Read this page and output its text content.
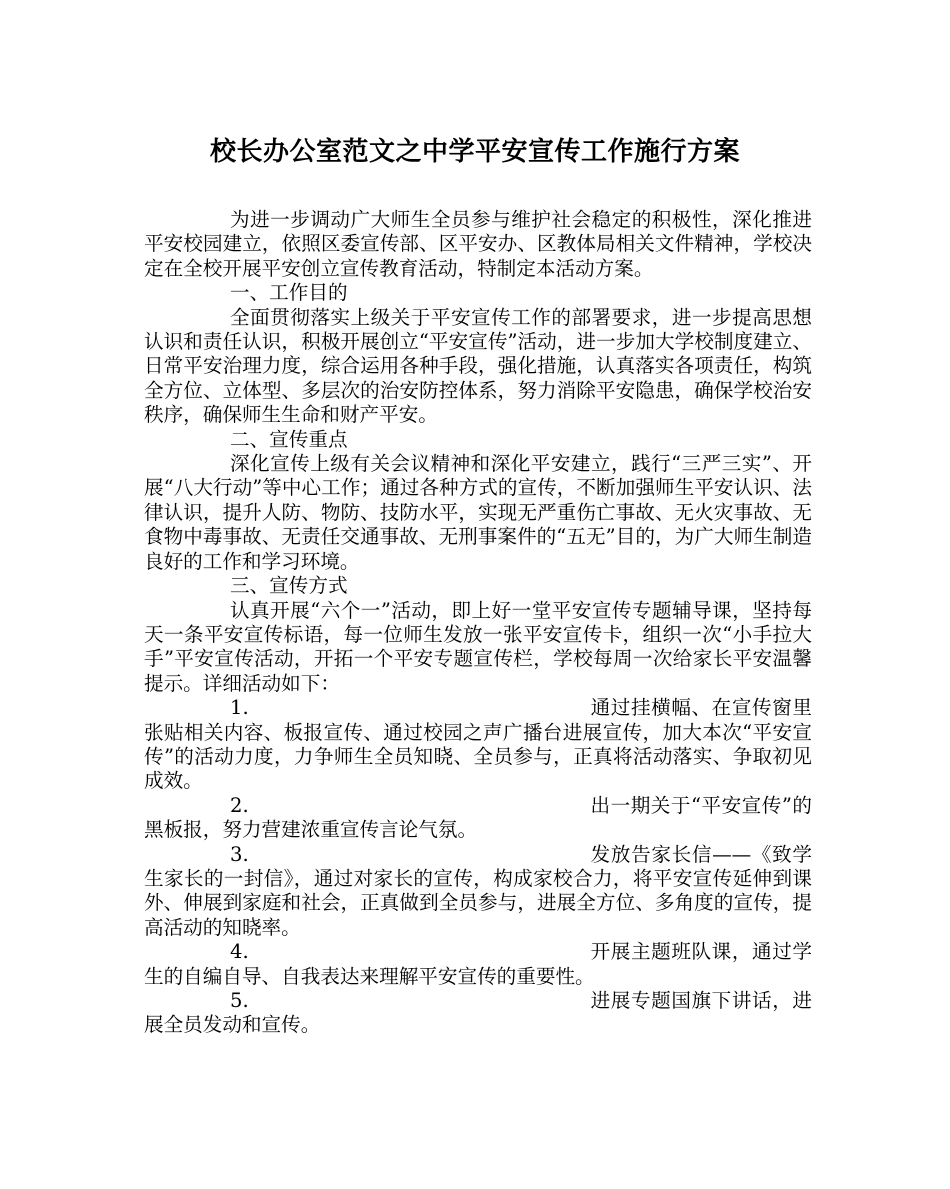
校长办公室范文之中学平安宣传工作施行方案

为进一步调动广大师生全员参与维护社会稳定的积极性，深化推进平安校园建立，依照区委宣传部、区平安办、区教体局相关文件精神，学校决定在全校开展平安创立宣传教育活动，特制定本活动方案。

一、工作目的

全面贯彻落实上级关于平安宣传工作的部署要求，进一步提高思想认识和责任认识，积极开展创立“平安宣传”活动，进一步加大学校制度建立、日常平安治理力度，综合运用各种手段，强化措施，认真落实各项责任，构筑全方位、立体型、多层次的治安防控体系，努力消除平安隐患，确保学校治安秩序，确保师生生命和财产平安。

二、宣传重点

深化宣传上级有关会议精神和深化平安建立，践行“三严三实”、开展“八大行动”等中心工作；通过各种方式的宣传，不断加强师生平安认识、法律认识，提升人防、物防、技防水平，实现无严重伤亡事故、无火灾事故、无食物中毒事故、无责任交通事故、无刑事案件的“五无”目的，为广大师生制造良好的工作和学习环境。

三、宣传方式

认真开展“六个一”活动，即上好一堂平安宣传专题辅导课，坚持每天一条平安宣传标语，每一位师生发放一张平安宣传卡，组织一次“小手拉大手”平安宣传活动，开拓一个平安专题宣传栏，学校每周一次给家长平安温馨提示。详细活动如下：

1.	通过挂横幅、在宣传窗里张贴相关内容、板报宣传、通过校园之声广播台进展宣传，加大本次“平安宣传”的活动力度，力争师生全员知晓、全员参与，正真将活动落实、争取初见成效。

2.	出一期关于“平安宣传”的黑板报，努力营建浓重宣传言论气氛。

3.	发放告家长信——《致学生家长的一封信》，通过对家长的宣传，构成家校合力，将平安宣传延伸到课外、伸展到家庭和社会，正真做到全员参与，进展全方位、多角度的宣传，提高活动的知晓率。

4.	开展主题班队课，通过学生的自编自导、自我表达来理解平安宣传的重要性。

5.	进展专题国旗下讲话，进展全员发动和宣传。
